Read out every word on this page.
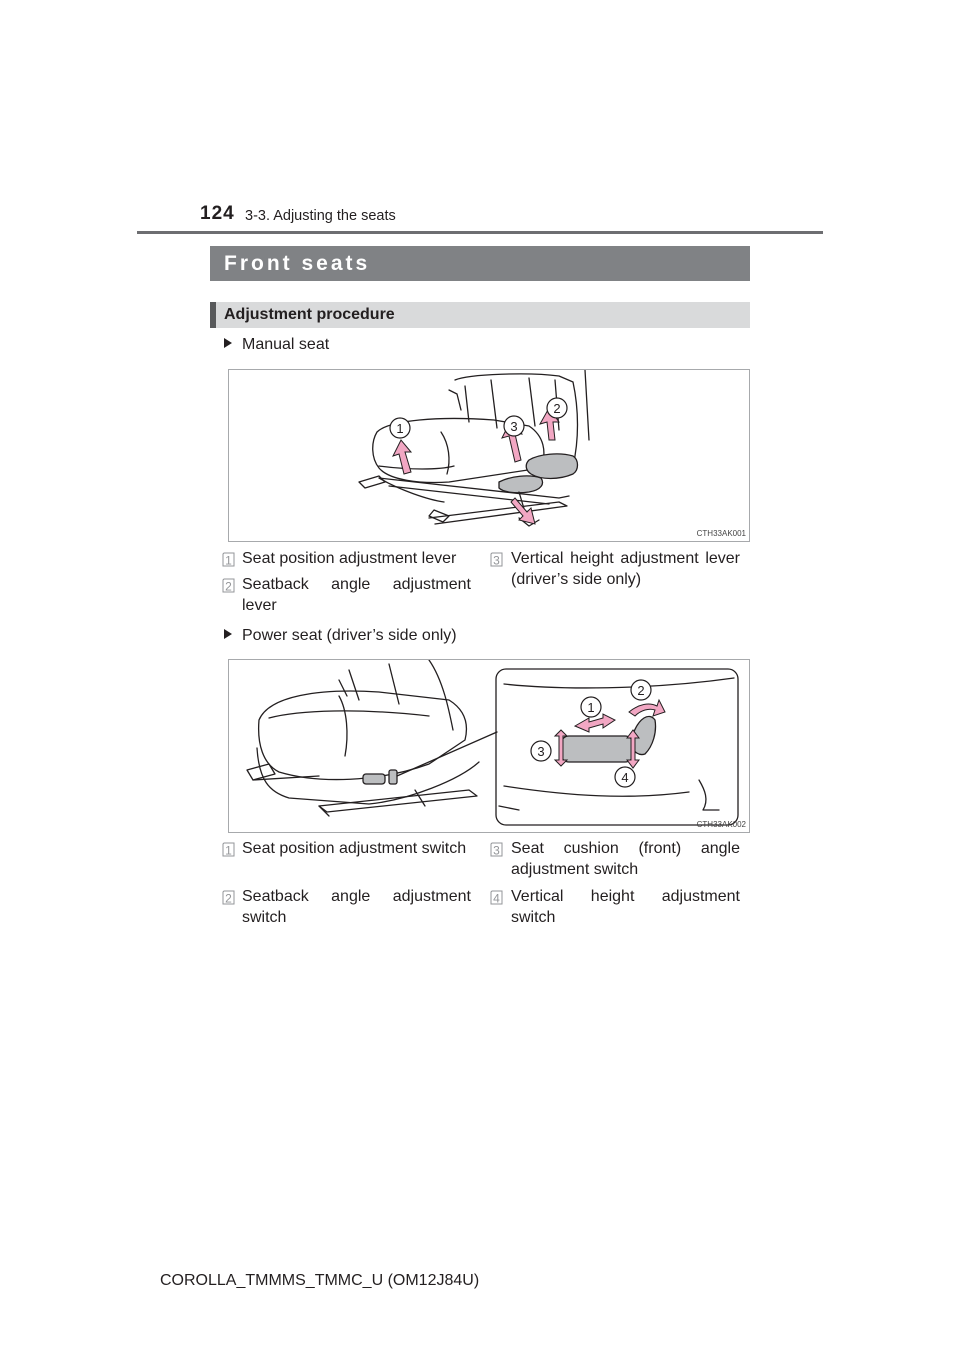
124 3-3. Adjusting the seats
Front seats
Adjustment procedure
Manual seat
1	3
2
CTH33AK001
1 Seat position adjustment lever
2 Seatback angle adjustment lever
3 Vertical height adjustment lever (driver’s side only)
Power seat (driver’s side only)
1
2
3
4
CTH33AK002
1 Seat position adjustment switch
2 Seatback angle adjustment switch
3 Seat cushion (front) angle adjustment switch
4 Vertical height adjustment switch
COROLLA_TMMMS_TMMC_U (OM12J84U)
